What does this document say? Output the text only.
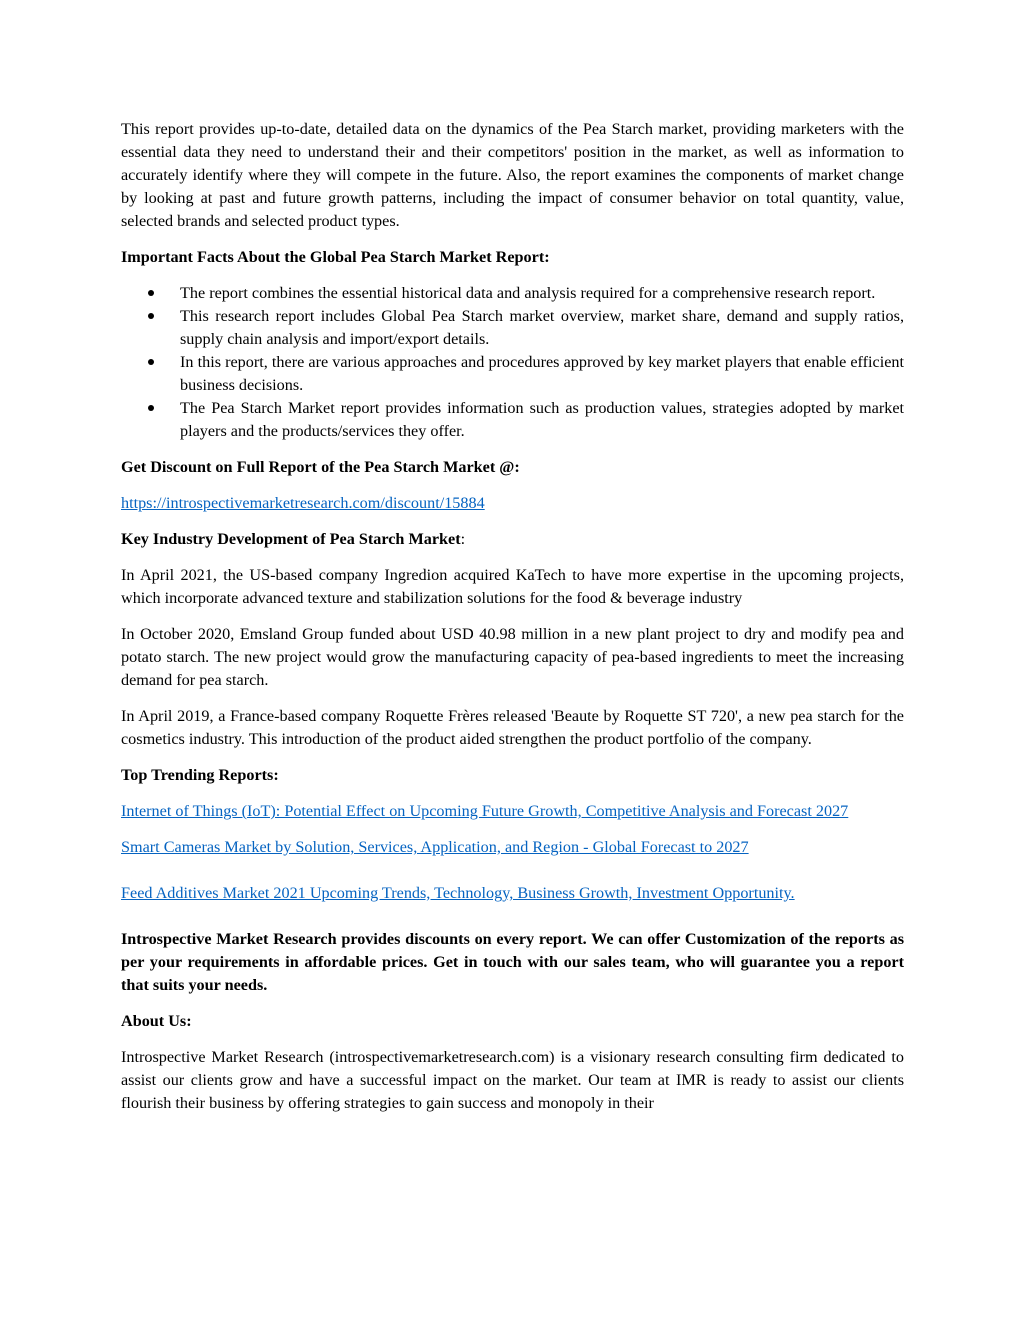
This report provides up-to-date, detailed data on the dynamics of the Pea Starch market, providing marketers with the essential data they need to understand their and their competitors' position in the market, as well as information to accurately identify where they will compete in the future. Also, the report examines the components of market change by looking at past and future growth patterns, including the impact of consumer behavior on total quantity, value, selected brands and selected product types.

Important Facts About the Global Pea Starch Market Report:

The report combines the essential historical data and analysis required for a comprehensive research report.
This research report includes Global Pea Starch market overview, market share, demand and supply ratios, supply chain analysis and import/export details.
In this report, there are various approaches and procedures approved by key market players that enable efficient business decisions.
The Pea Starch Market report provides information such as production values, strategies adopted by market players and the products/services they offer.

Get Discount on Full Report of the Pea Starch Market @:

https://introspectivemarketresearch.com/discount/15884

Key Industry Development of Pea Starch Market:

In April 2021, the US-based company Ingredion acquired KaTech to have more expertise in the upcoming projects, which incorporate advanced texture and stabilization solutions for the food & beverage industry

In October 2020, Emsland Group funded about USD 40.98 million in a new plant project to dry and modify pea and potato starch. The new project would grow the manufacturing capacity of pea-based ingredients to meet the increasing demand for pea starch.

In April 2019, a France-based company Roquette Frères released 'Beaute by Roquette ST 720', a new pea starch for the cosmetics industry. This introduction of the product aided strengthen the product portfolio of the company.

Top Trending Reports:

Internet of Things (IoT): Potential Effect on Upcoming Future Growth, Competitive Analysis and Forecast 2027

Smart Cameras Market by Solution, Services, Application, and Region - Global Forecast to 2027

Feed Additives Market 2021 Upcoming Trends, Technology, Business Growth, Investment Opportunity.

Introspective Market Research provides discounts on every report. We can offer Customization of the reports as per your requirements in affordable prices. Get in touch with our sales team, who will guarantee you a report that suits your needs.

About Us:

Introspective Market Research (introspectivemarketresearch.com) is a visionary research consulting firm dedicated to assist our clients grow and have a successful impact on the market. Our team at IMR is ready to assist our clients flourish their business by offering strategies to gain success and monopoly in their
